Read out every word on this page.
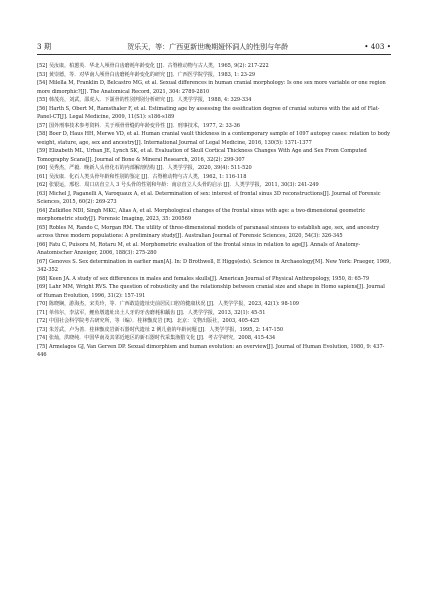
3 期	贺乐天，等：广西更新世晚期娅怀洞人的性别与年龄	• 403 •

[52] 吴汝康，柏蕙英．华北人颅骨白齿磨耗年龄变化 [J]．古脊椎动物与古人类，1965, 9(2): 217-222

[53] 黄崇德，等．对华南人颅骨白齿磨耗年龄变化的研究 [J]．广西医学院学报，1983, 1: 23-29

[54] Milella M, Franklin D, Belcastro MG, et al. Sexual differences in human cranial morphology: Is one sex more variable or one region more dimorphic?[J]. The Anatomical Record, 2021, 304: 2789-2810

[55] 韩茂亮，刘武，邵虎入．下颌骨的性别判别分析研究 [J]．人类学学报，1988, 4: 329-334

[56] Harth S, Obert M, Ramsthaler F, et al. Estimating age by assessing the ossification degree of cranial sutures with the aid of Flat-Panel-CT[J]. Legal Medicine, 2009, 11(S1): s186-s189

[57] 国外刑事技术参考资料．关于颅骨骨缝的年龄变异性 [J]．刑事技术，1977, 2: 33-36

[58] Boer D, Haus HH, Merwe VD, et al. Human cranial vault thickness in a contemporary sample of 1097 autopsy cases: relation to body weight, stature, age, sex and ancestry[J]. International Journal of Legal Medicine, 2016, 130(5): 1371-1377

[59] Elizabeth ML, Urban JE, Lynch SK, et al. Evaluation of Skull Cortical Thickness Changes With Age and Sex From Computed Tomography Scans[J]. Journal of Bone & Mineral Research, 2016, 32(2): 299-307

[60] 吴秀杰，严毅．晚新人头骨化石的内部解剖结构 [J]．人类学学报，2020, 39(4): 511-520

[61] 吴汝康．化石人类头骨年龄和性别的鉴定 [J]．古脊椎动物与古人类，1962, 1: 116-118

[62] 张银运，邢松．周口店直立人 3 号头骨的性别和年龄：南京直立人头骨的启示 [J]．人类学学报，2011, 30(3): 241-249

[63] Michel J, Paganelli A, Varoquaux A, et al. Determination of sex: interest of frontal sinus 3D reconstructions[J]. Journal of Forensic Sciences, 2015, 60(2): 269-273

[64] Zulkiflee NDI, Singh MKC, Alias A, et al. Morphological changes of the frontal sinus with age: a two-dimensional geometric morphometric study[J]. Forensic Imaging, 2023, 35: 200569

[65] Robles M, Rando C, Morgan RM. The utility of three-dimensional models of paranasal sinuses to establish age, sex, and ancestry across three modern populations: A preliminary study[J]. Australian Journal of Forensic Sciences, 2020, 54(3): 326-345

[66] Fatu C, Puisoru M, Rotaru M, et al. Morphometric evaluation of the frontal sinus in relation to age[J]. Annals of Anatomy-Anatomischer Anzeiger, 2006, 188(3): 275-280

[67] Genoves S. Sex determination in earlier man[A]. In: D Brothwell, E Higgs(eds). Science in Archaeology[M]. New York: Praeger, 1969, 342-352

[68] Keen JA. A study of sex differences in males and females skulls[J]. American Journal of Physical Anthropology, 1950, 8: 65-79

[69] Lahr MM, Wright RVS. The question of robusticity and the relationship between cranial size and shape in Homo sapiens[J]. Journal of Human Evolution, 1996, 31(2): 157-191

[70] 陈晓娴，游海杰，宋芙玲，等．广西敢造遗址史前居民口腔的健康状况 [J]．人类学学报，2023, 42(1): 98-109

[71] 单伟尔，李法军，鲤鱼墩遗址出土人牙的牙齿磨耗和龋齿 [J]．人类学学报，2013, 32(1): 45-51

[72] 中国社会科学院考古研究所，等（编）．桂林甑皮岩 [R]．北京：文物出版社，2003, 405-425

[73] 朱芳武，卢为善．桂林甑皮岩新石器时代遗址 2 例儿童的年龄问题 [J]．人类学学报，1995, 2: 147-150

[74] 张灿，洪晓纯．中国华南及其邻近地区的新石器时代采集渔猎文化 [J]．考古学研究，2008, 415-434

[75] Armelagos GJ, Van Gerven DP. Sexual dimorphism and human evolution: an overview[J]. Journal of Human Evolution, 1980, 9: 437-446
